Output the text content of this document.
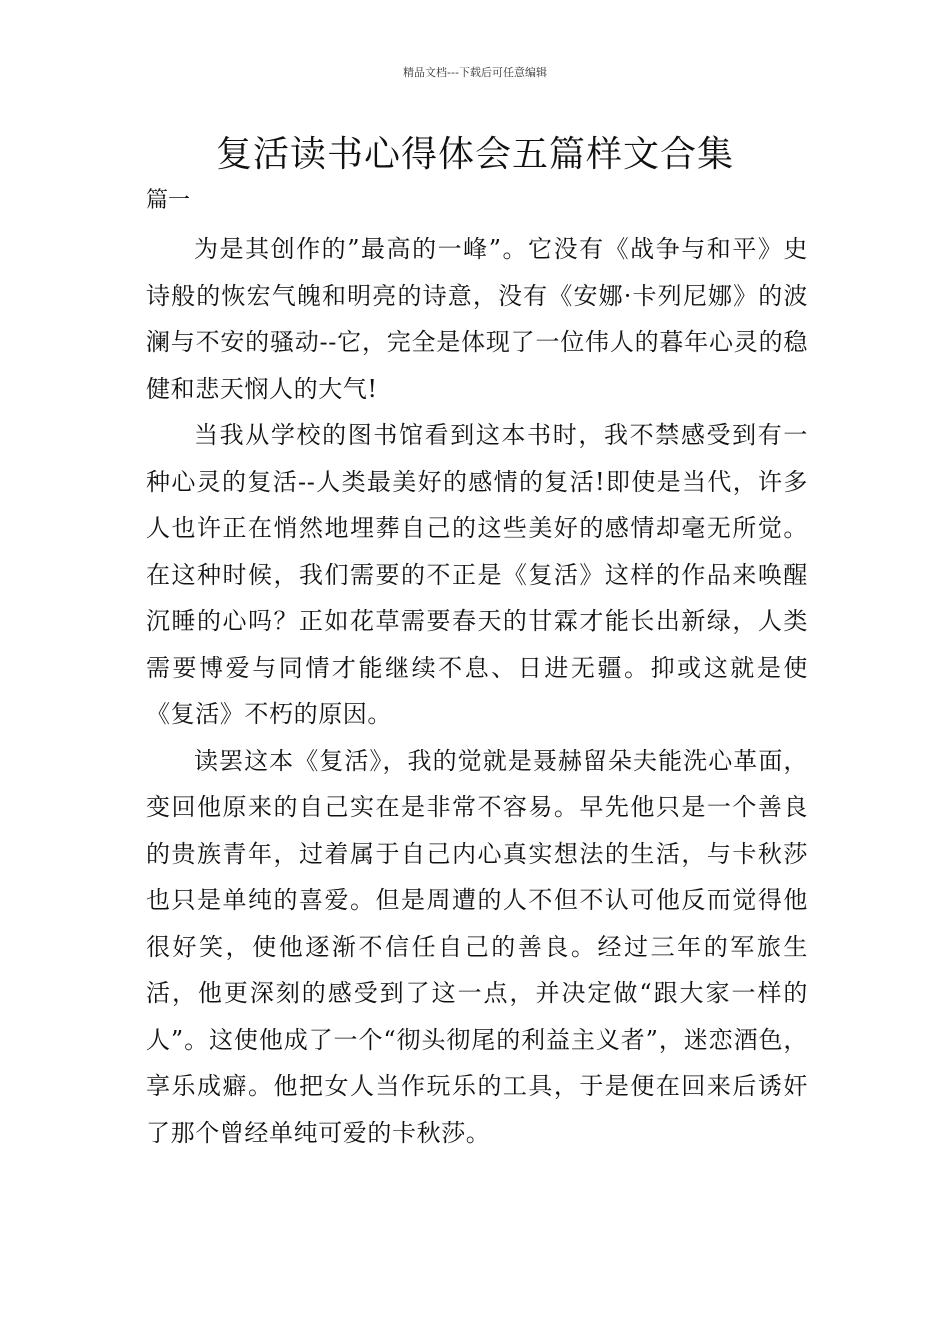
精品文档---下载后可任意编辑
复活读书心得体会五篇样文合集
篇一

为是其创作的”最高的一峰”。它没有《战争与和平》史诗般的恢宏气魄和明亮的诗意，没有《安娜·卡列尼娜》的波澜与不安的骚动--它，完全是体现了一位伟人的暮年心灵的稳健和悲天悯人的大气!

当我从学校的图书馆看到这本书时，我不禁感受到有一种心灵的复活--人类最美好的感情的复活!即使是当代，许多人也许正在悄然地埋葬自己的这些美好的感情却毫无所觉。在这种时候，我们需要的不正是《复活》这样的作品来唤醒沉睡的心吗？正如花草需要春天的甘霖才能长出新绿，人类需要博爱与同情才能继续不息、日进无疆。抑或这就是使《复活》不朽的原因。

读罢这本《复活》，我的觉就是聂赫留朵夫能洗心革面，变回他原来的自己实在是非常不容易。早先他只是一个善良的贵族青年，过着属于自己内心真实想法的生活，与卡秋莎也只是单纯的喜爱。但是周遭的人不但不认可他反而觉得他很好笑，使他逐渐不信任自己的善良。经过三年的军旅生活，他更深刻的感受到了这一点，并决定做“跟大家一样的人”。这使他成了一个“彻头彻尾的利益主义者”，迷恋酒色，享乐成癖。他把女人当作玩乐的工具，于是便在回来后诱奸了那个曾经单纯可爱的卡秋莎。
